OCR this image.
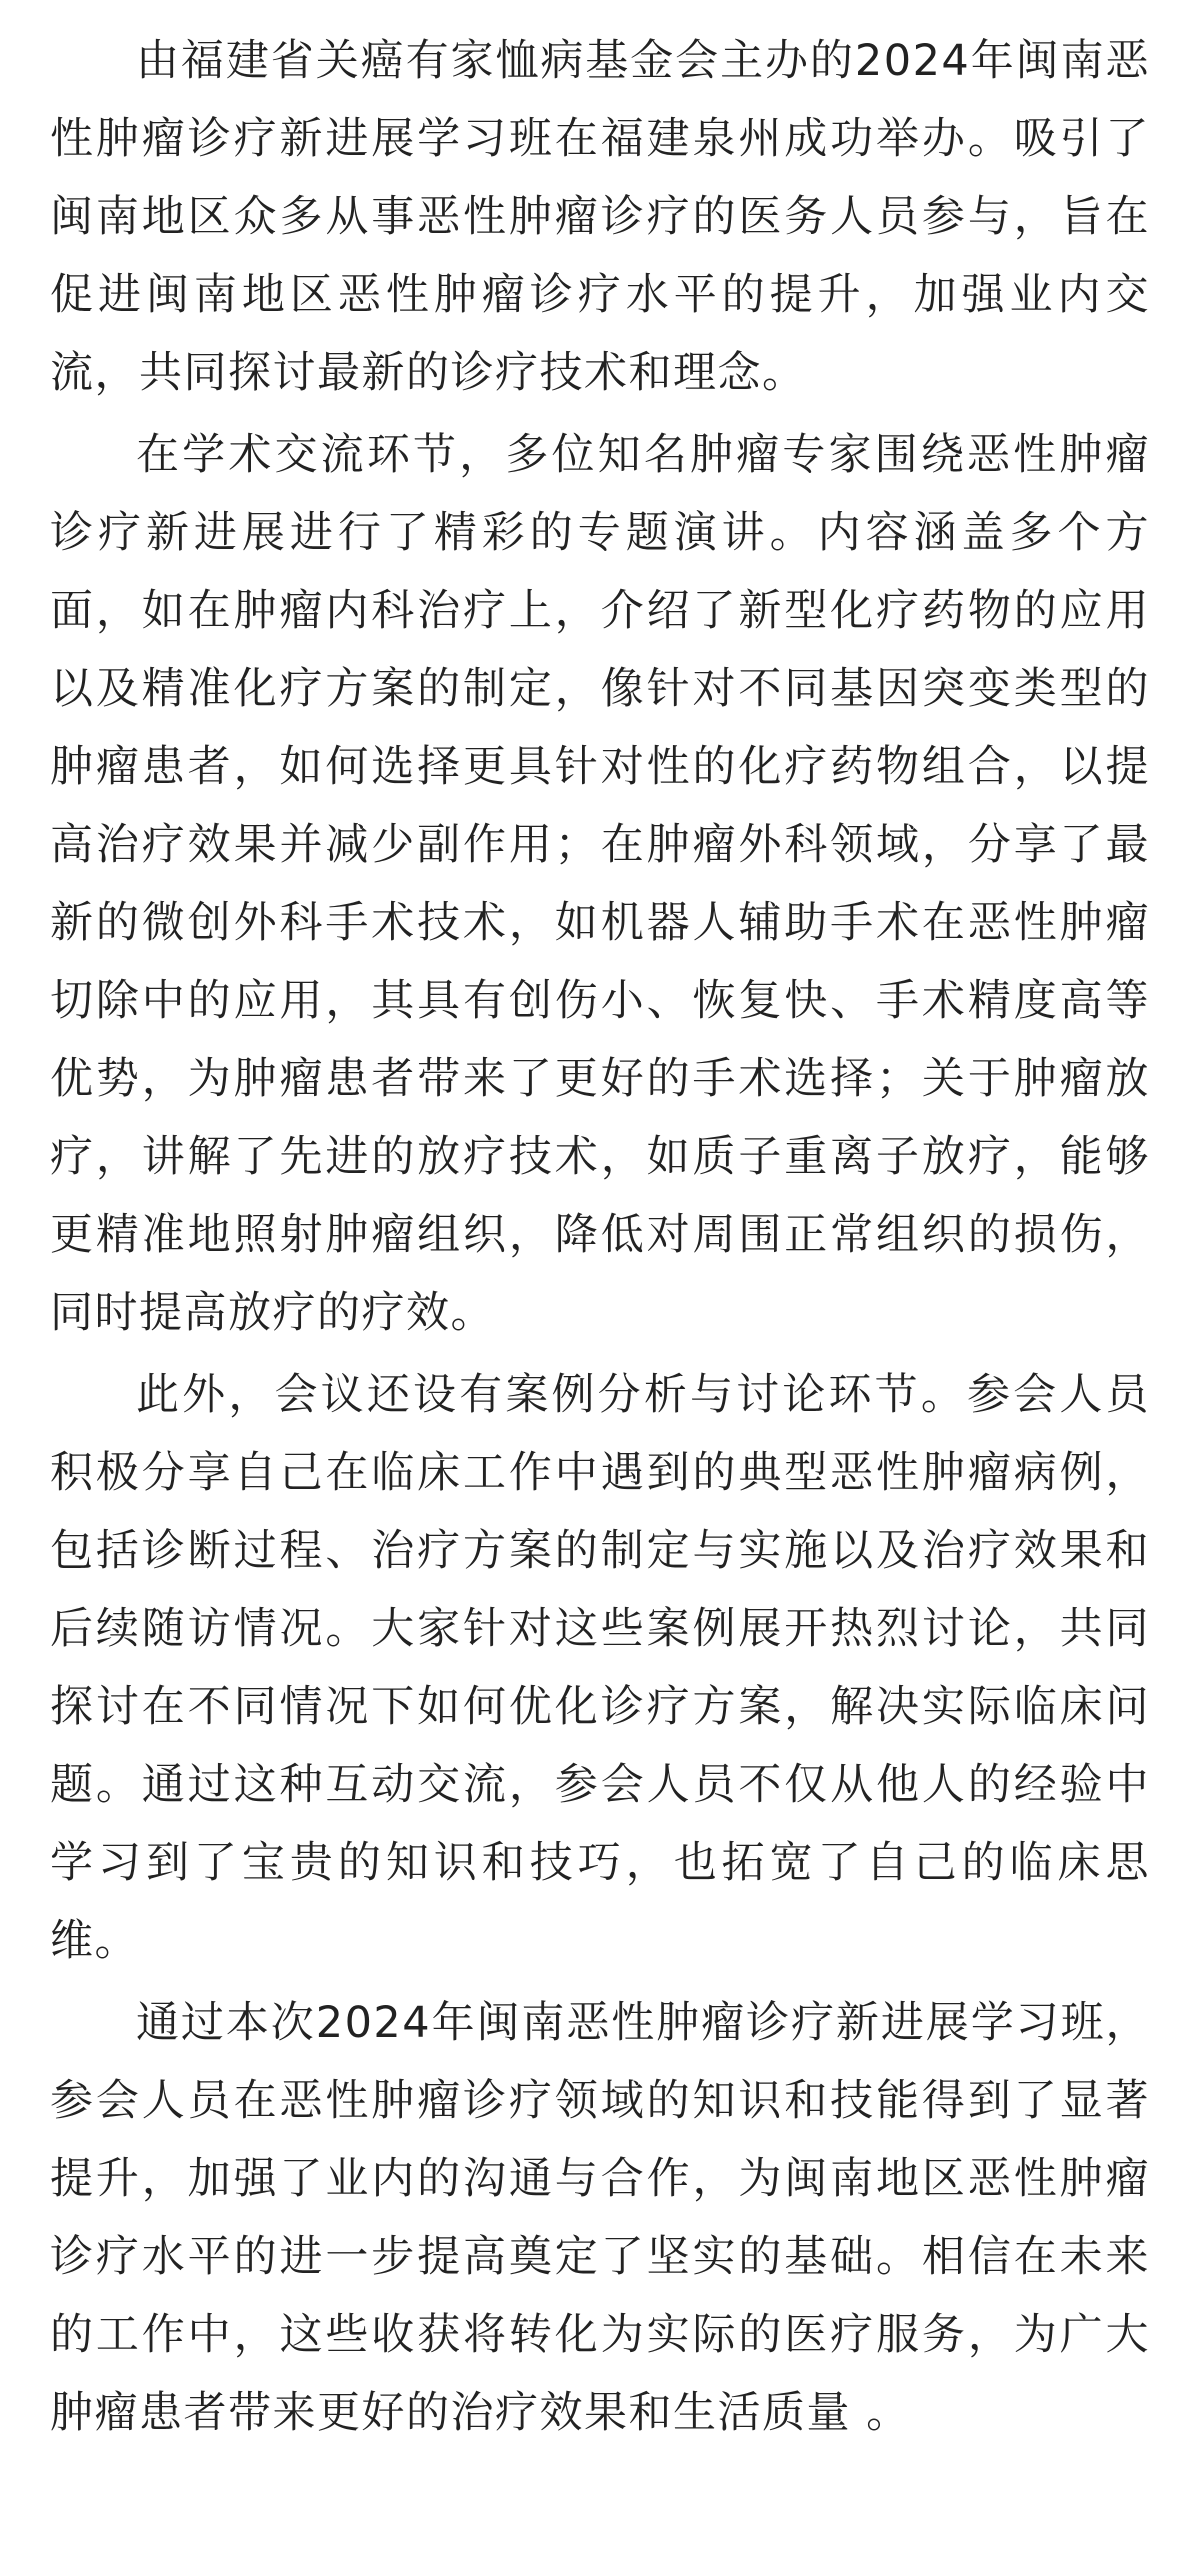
由福建省关癌有家恤病基金会主办的2024年闽南恶性肿瘤诊疗新进展学习班在福建泉州成功举办。吸引了闽南地区众多从事恶性肿瘤诊疗的医务人员参与，旨在促进闽南地区恶性肿瘤诊疗水平的提升，加强业内交流，共同探讨最新的诊疗技术和理念。

在学术交流环节，多位知名肿瘤专家围绕恶性肿瘤诊疗新进展进行了精彩的专题演讲。内容涵盖多个方面，如在肿瘤内科治疗上，介绍了新型化疗药物的应用以及精准化疗方案的制定，像针对不同基因突变类型的肿瘤患者，如何选择更具针对性的化疗药物组合，以提高治疗效果并减少副作用；在肿瘤外科领域，分享了最新的微创外科手术技术，如机器人辅助手术在恶性肿瘤切除中的应用，其具有创伤小、恢复快、手术精度高等优势，为肿瘤患者带来了更好的手术选择；关于肿瘤放疗，讲解了先进的放疗技术，如质子重离子放疗，能够更精准地照射肿瘤组织，降低对周围正常组织的损伤，同时提高放疗的疗效。

此外，会议还设有案例分析与讨论环节。参会人员积极分享自己在临床工作中遇到的典型恶性肿瘤病例，包括诊断过程、治疗方案的制定与实施以及治疗效果和后续随访情况。大家针对这些案例展开热烈讨论，共同探讨在不同情况下如何优化诊疗方案，解决实际临床问题。通过这种互动交流，参会人员不仅从他人的经验中学习到了宝贵的知识和技巧，也拓宽了自己的临床思维。

通过本次2024年闽南恶性肿瘤诊疗新进展学习班，参会人员在恶性肿瘤诊疗领域的知识和技能得到了显著提升，加强了业内的沟通与合作，为闽南地区恶性肿瘤诊疗水平的进一步提高奠定了坚实的基础。相信在未来的工作中，这些收获将转化为实际的医疗服务，为广大肿瘤患者带来更好的治疗效果和生活质量 。
